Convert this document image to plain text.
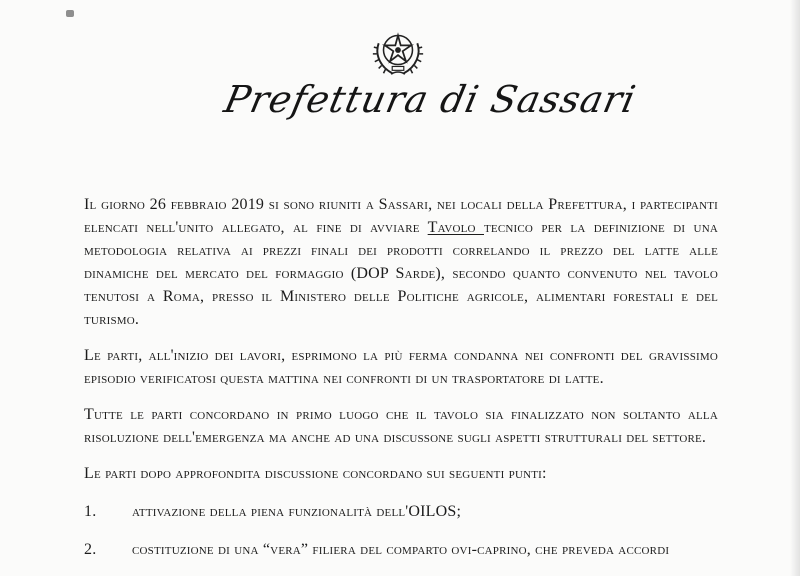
Prefettura di Sassari

Il giorno 26 febbraio 2019 si sono riuniti a Sassari, nei locali della Prefettura, i partecipanti elencati nell'unito allegato, al fine di avviare Tavolo tecnico per la definizione di una metodologia relativa ai prezzi finali dei prodotti correlando il prezzo del latte alle dinamiche del mercato del formaggio (DOP Sarde), secondo quanto convenuto nel tavolo tenutosi a Roma, presso il Ministero delle Politiche agricole, alimentari forestali e del turismo.

Le parti, all'inizio dei lavori, esprimono la più ferma condanna nei confronti del gravissimo episodio verificatosi questa mattina nei confronti di un trasportatore di latte.

Tutte le parti concordano in primo luogo che il tavolo sia finalizzato non soltanto alla risoluzione dell'emergenza ma anche ad una discussone sugli aspetti strutturali del settore.

Le parti dopo approfondita discussione concordano sui seguenti punti:

1. attivazione della piena funzionalità dell'OILOS;
2. costituzione di una “vera” filiera del comparto ovi-caprino, che preveda accordi
